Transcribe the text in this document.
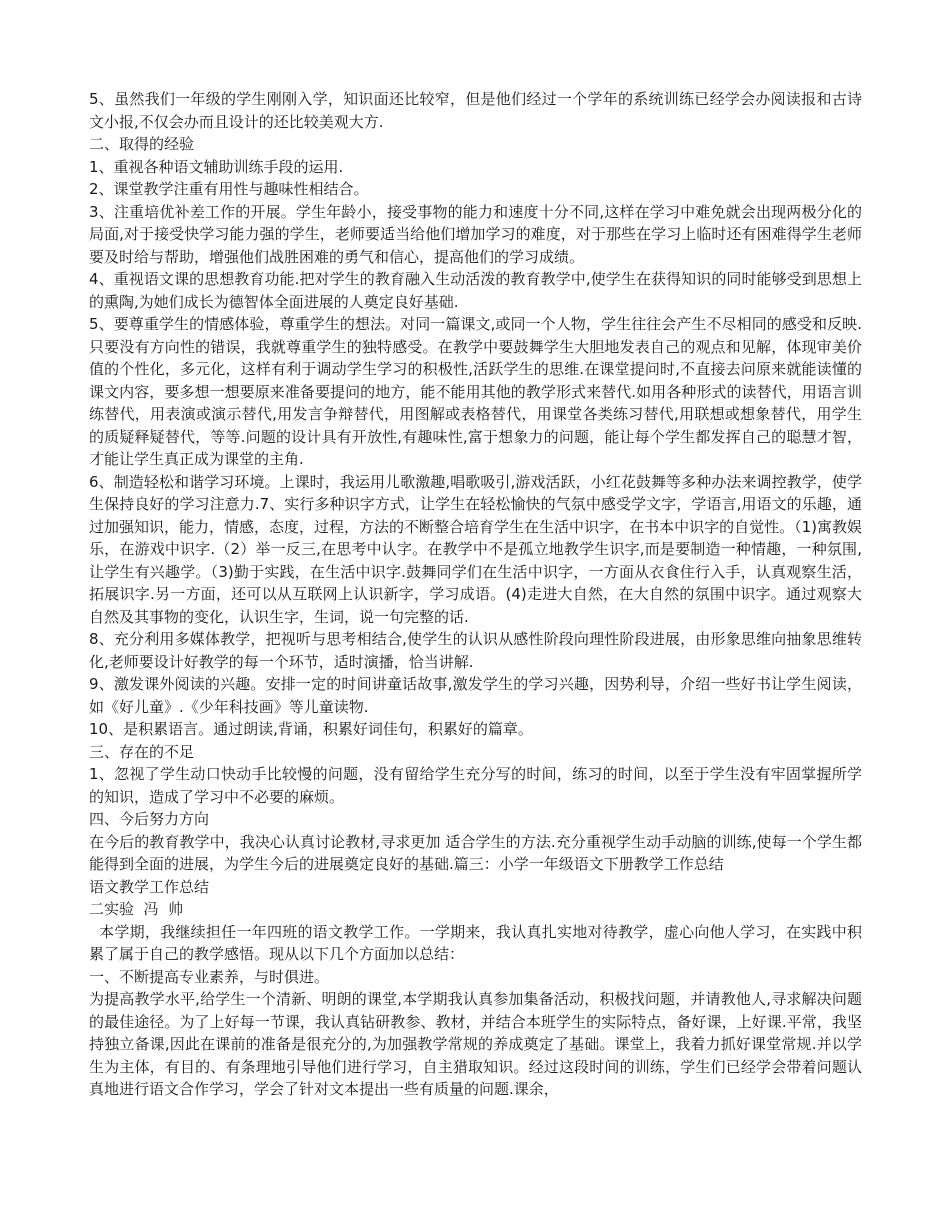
5、虽然我们一年级的学生刚刚入学，知识面还比较窄，但是他们经过一个学年的系统训练已经学会办阅读报和古诗文小报,不仅会办而且设计的还比较美观大方.

二、取得的经验

1、重视各种语文辅助训练手段的运用.

2、课堂教学注重有用性与趣味性相结合。

3、注重培优补差工作的开展。学生年龄小，接受事物的能力和速度十分不同,这样在学习中难免就会出现两极分化的局面,对于接受快学习能力强的学生，老师要适当给他们增加学习的难度，对于那些在学习上临时还有困难得学生老师要及时给与帮助，增强他们战胜困难的勇气和信心，提高他们的学习成绩。

4、重视语文课的思想教育功能.把对学生的教育融入生动活泼的教育教学中,使学生在获得知识的同时能够受到思想上的熏陶,为她们成长为德智体全面进展的人奠定良好基础.

5、要尊重学生的情感体验，尊重学生的想法。对同一篇课文,或同一个人物，学生往往会产生不尽相同的感受和反映.只要没有方向性的错误，我就尊重学生的独特感受。在教学中要鼓舞学生大胆地发表自己的观点和见解，体现审美价值的个性化，多元化，这样有利于调动学生学习的积极性,活跃学生的思维.在课堂提问时,不直接去问原来就能读懂的课文内容，要多想一想要原来准备要提问的地方，能不能用其他的教学形式来替代.如用各种形式的读替代，用语言训练替代，用表演或演示替代,用发言争辩替代，用图解或表格替代，用课堂各类练习替代,用联想或想象替代，用学生的质疑释疑替代，等等.问题的设计具有开放性,有趣味性,富于想象力的问题，能让每个学生都发挥自己的聪慧才智，才能让学生真正成为课堂的主角.

6、制造轻松和谐学习环境。上课时，我运用儿歌激趣,唱歌吸引,游戏活跃，小红花鼓舞等多种办法来调控教学，使学生保持良好的学习注意力.7、实行多种识字方式，让学生在轻松愉快的气氛中感受学文字，学语言,用语文的乐趣，通过加强知识，能力，情感，态度，过程，方法的不断整合培育学生在生活中识字，在书本中识字的自觉性。（1)寓教娱乐，在游戏中识字.（2）举一反三,在思考中认字。在教学中不是孤立地教学生识字,而是要制造一种情趣，一种氛围,让学生有兴趣学。（3)勤于实践，在生活中识字.鼓舞同学们在生活中识字，一方面从衣食住行入手，认真观察生活，拓展识字.另一方面，还可以从互联网上认识新字，学习成语。(4)走进大自然，在大自然的氛围中识字。通过观察大自然及其事物的变化，认识生字，生词，说一句完整的话.

8、充分利用多媒体教学，把视听与思考相结合,使学生的认识从感性阶段向理性阶段进展，由形象思维向抽象思维转化,老师要设计好教学的每一个环节，适时演播，恰当讲解.

9、激发课外阅读的兴趣。安排一定的时间讲童话故事,激发学生的学习兴趣，因势利导，介绍一些好书让学生阅读，如《好儿童》.《少年科技画》等儿童读物.

10、是积累语言。通过朗读,背诵，积累好词佳句，积累好的篇章。

三、存在的不足

1、忽视了学生动口快动手比较慢的问题，没有留给学生充分写的时间，练习的时间，以至于学生没有牢固掌握所学的知识，造成了学习中不必要的麻烦。

四、今后努力方向

在今后的教育教学中，我决心认真讨论教材,寻求更加 适合学生的方法.充分重视学生动手动脑的训练,使每一个学生都能得到全面的进展，为学生今后的进展奠定良好的基础.篇三：小学一年级语文下册教学工作总结

语文教学工作总结

二实验  冯  帅

本学期，我继续担任一年四班的语文教学工作。一学期来，我认真扎实地对待教学，虚心向他人学习，在实践中积累了属于自己的教学感悟。现从以下几个方面加以总结：

一、不断提高专业素养，与时俱进。

为提高教学水平,给学生一个清新、明朗的课堂,本学期我认真参加集备活动，积极找问题，并请教他人,寻求解决问题的最佳途径。为了上好每一节课，我认真钻研教参、教材，并结合本班学生的实际特点，备好课，上好课.平常，我坚持独立备课,因此在课前的准备是很充分的,为加强教学常规的养成奠定了基础。课堂上，我着力抓好课堂常规.并以学生为主体，有目的、有条理地引导他们进行学习，自主猎取知识。经过这段时间的训练，学生们已经学会带着问题认真地进行语文合作学习，学会了针对文本提出一些有质量的问题.课余，
